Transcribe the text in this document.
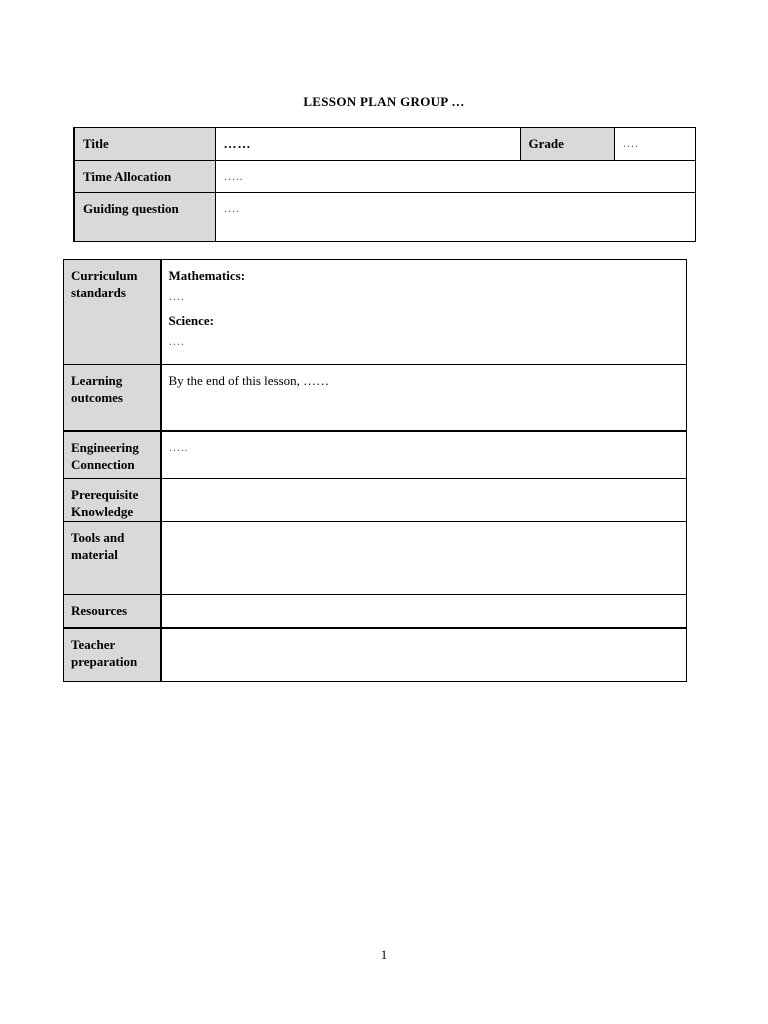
LESSON PLAN GROUP …
Title	……	Grade	….

Time Allocation	…..		

Guiding question	….		
Curriculum standards	Mathematics:
….
Science:
….

Learning outcomes	By the end of this lesson, ……

Engineering Connection	…..

Prerequisite Knowledge	

Tools and material	

Resources	

Teacher preparation	

1
